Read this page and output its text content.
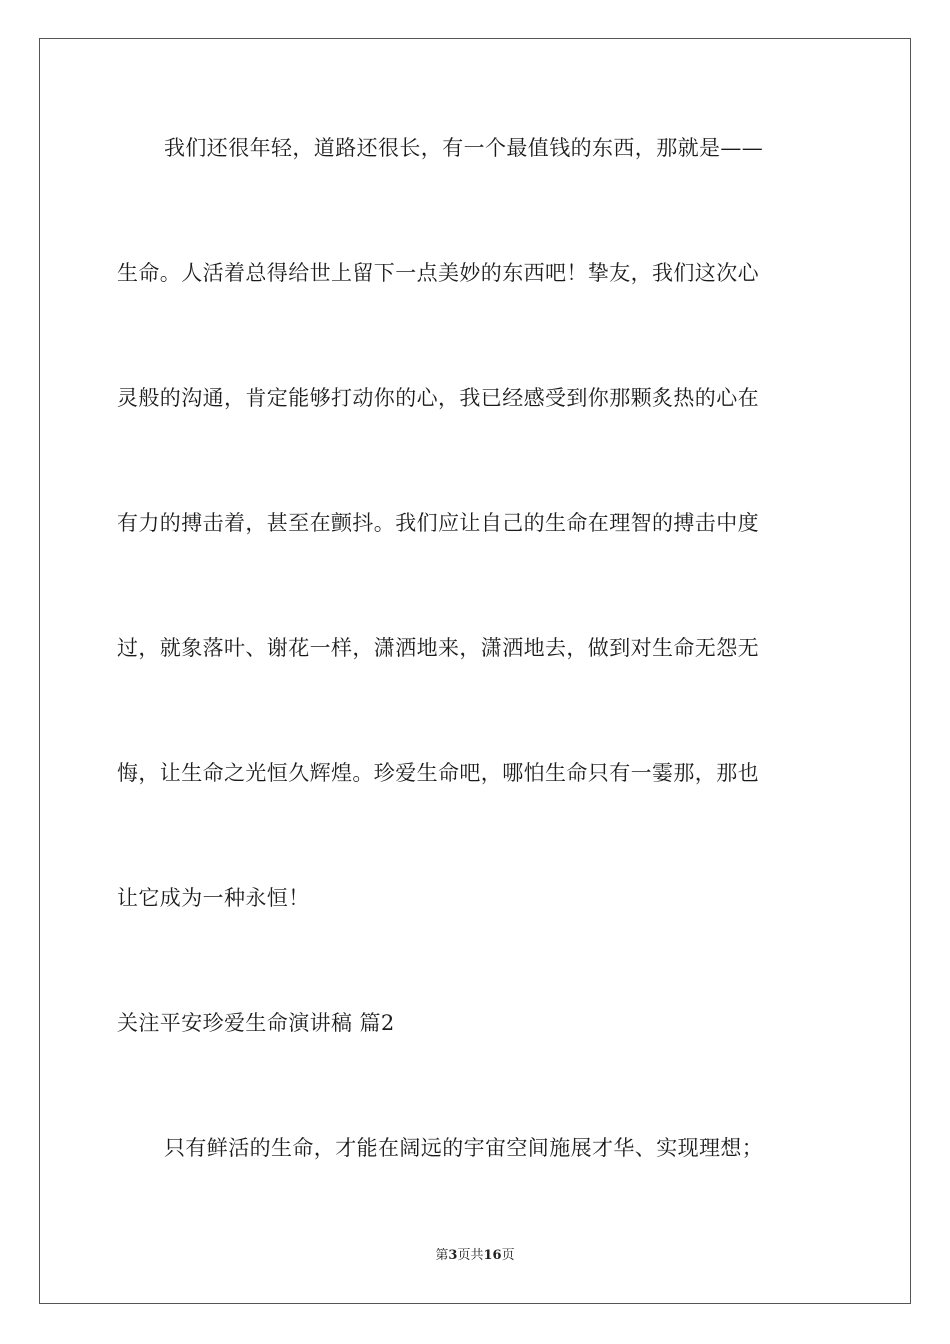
我们还很年轻，道路还很长，有一个最值钱的东西，那就是——
生命。人活着总得给世上留下一点美妙的东西吧！挚友，我们这次心
灵般的沟通，肯定能够打动你的心，我已经感受到你那颗炙热的心在
有力的搏击着，甚至在颤抖。我们应让自己的生命在理智的搏击中度
过，就象落叶、谢花一样，潇洒地来，潇洒地去，做到对生命无怨无
悔，让生命之光恒久辉煌。珍爱生命吧，哪怕生命只有一霎那，那也
让它成为一种永恒！
关注平安珍爱生命演讲稿 篇2
只有鲜活的生命，才能在阔远的宇宙空间施展才华、实现理想；
第3页共16页
